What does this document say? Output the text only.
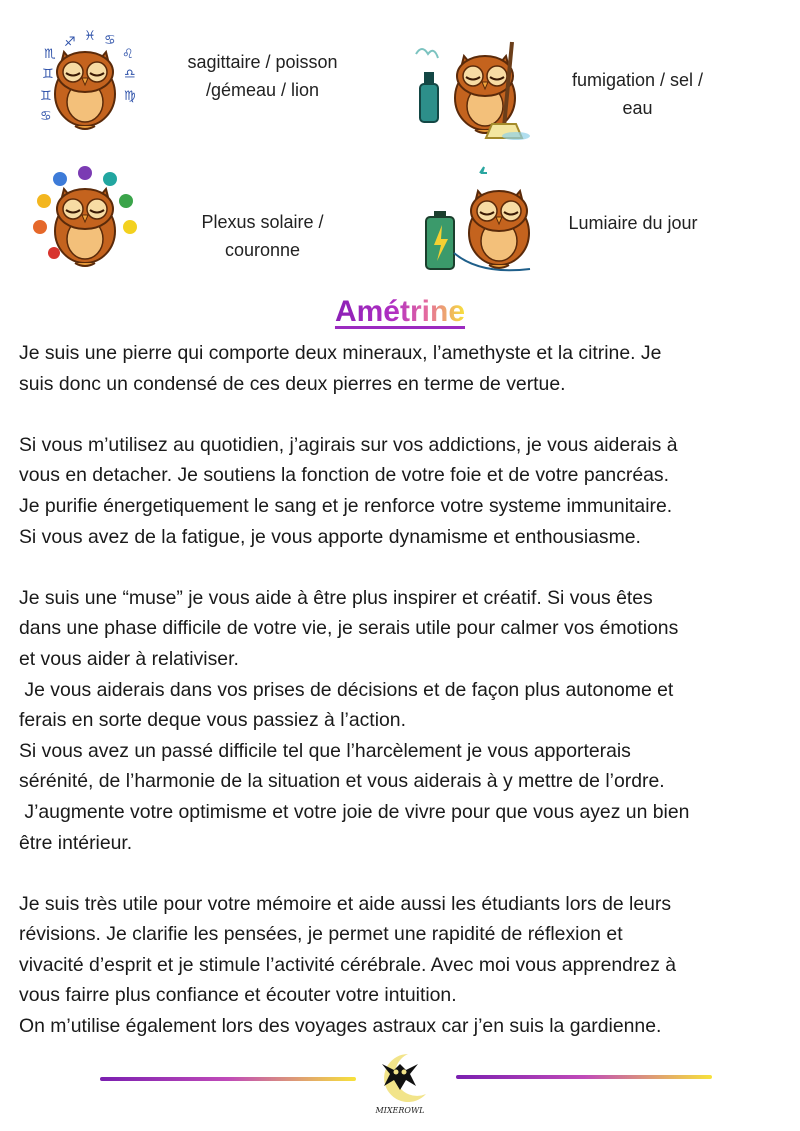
♐ ♓
♊
♌
♏
♋
♎
♍
♊
♋
sagittaire / poisson
/gémeau / lion	fumigation / sel /
eau
Plexus solaire /
couronne
Lumiaire du jour
Amétrine

Je suis une pierre qui comporte deux mineraux, l’amethyste et la citrine. Je

suis donc un condensé de ces deux pierres en terme de vertue.

Si vous m’utilisez au quotidien, j’agirais sur vos addictions, je vous aiderais à

vous en detacher. Je soutiens la fonction de votre foie et de votre pancréas.

Je purifie énergetiquement le sang et je renforce votre systeme immunitaire.

Si vous avez de la fatigue, je vous apporte dynamisme et enthousiasme.

Je suis une “muse” je vous aide à être plus inspirer et créatif. Si vous êtes

dans une phase difficile de votre vie, je serais utile pour calmer vos émotions

et vous aider à relativiser.

Je vous aiderais dans vos prises de décisions et de façon plus autonome et

ferais en sorte deque vous passiez à l’action.

Si vous avez un passé difficile tel que l’harcèlement je vous apporterais

sérénité, de l’harmonie de la situation et vous aiderais à y mettre de l’ordre.

J’augmente votre optimisme et votre joie de vivre pour que vous ayez un bien

être intérieur.

Je suis très utile pour votre mémoire et aide aussi les étudiants lors de leurs

révisions. Je clarifie les pensées, je permet une rapidité de réflexion et

vivacité d’esprit et je stimule l’activité cérébrale. Avec moi vous apprendrez à

vous fairre plus confiance et écouter votre intuition.

On m’utilise également lors des voyages astraux car j’en suis la gardienne.

MIXEROWL
